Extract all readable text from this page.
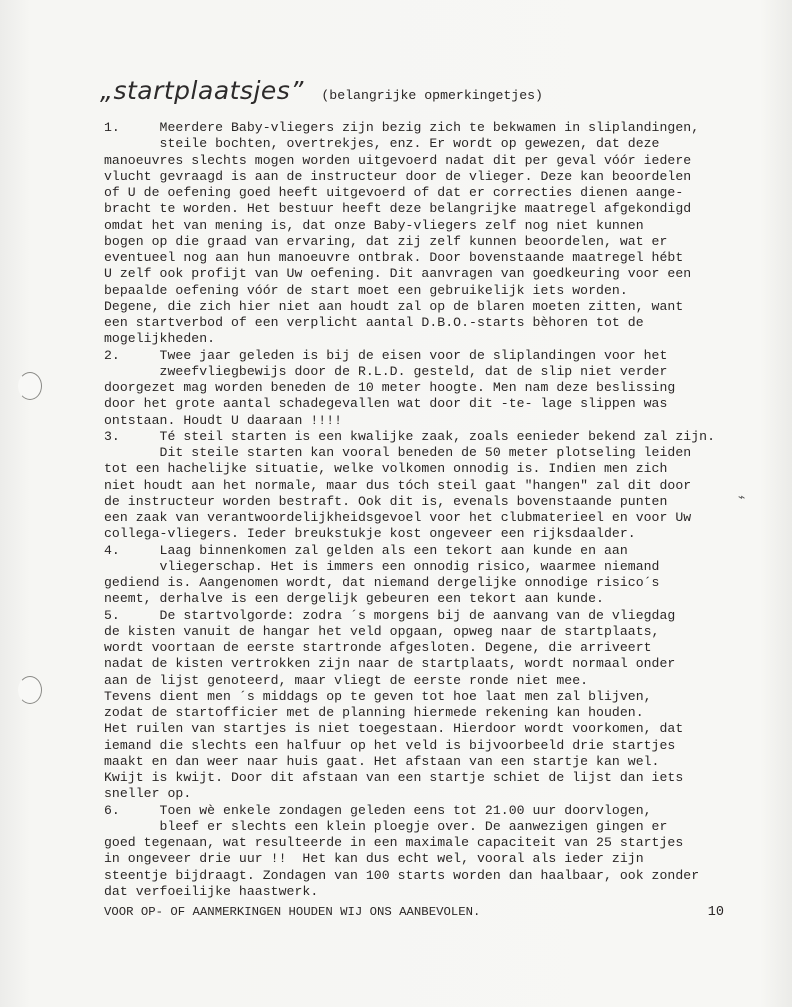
„startplaatsjes” (belangrijke opmerkingetjes)
1.     Meerdere Baby-vliegers zijn bezig zich te bekwamen in sliplandingen,
steile bochten, overtrekjes, enz. Er wordt op gewezen, dat deze
manoeuvres slechts mogen worden uitgevoerd nadat dit per geval vóór iedere
vlucht gevraagd is aan de instructeur door de vlieger. Deze kan beoordelen
of U de oefening goed heeft uitgevoerd of dat er correcties dienen aange-
bracht te worden. Het bestuur heeft deze belangrijke maatregel afgekondigd
omdat het van mening is, dat onze Baby-vliegers zelf nog niet kunnen
bogen op die graad van ervaring, dat zij zelf kunnen beoordelen, wat er
eventueel nog aan hun manoeuvre ontbrak. Door bovenstaande maatregel hébt
U zelf ook profijt van Uw oefening. Dit aanvragen van goedkeuring voor een
bepaalde oefening vóór de start moet een gebruikelijk iets worden.
Degene, die zich hier niet aan houdt zal op de blaren moeten zitten, want
een startverbod of een verplicht aantal D.B.O.-starts bèhoren tot de
mogelijkheden.
2.     Twee jaar geleden is bij de eisen voor de sliplandingen voor het
zweefvliegbewijs door de R.L.D. gesteld, dat de slip niet verder
doorgezet mag worden beneden de 10 meter hoogte. Men nam deze beslissing
door het grote aantal schadegevallen wat door dit -te- lage slippen was
ontstaan. Houdt U daaraan !!!!
3.     Té steil starten is een kwalijke zaak, zoals eenieder bekend zal zijn.
Dit steile starten kan vooral beneden de 50 meter plotseling leiden
tot een hachelijke situatie, welke volkomen onnodig is. Indien men zich
niet houdt aan het normale, maar dus tóch steil gaat "hangen" zal dit door
de instructeur worden bestraft. Ook dit is, evenals bovenstaande punten
een zaak van verantwoordelijkheidsgevoel voor het clubmaterieel en voor Uw
collega-vliegers. Ieder breukstukje kost ongeveer een rijksdaalder.
4.     Laag binnenkomen zal gelden als een tekort aan kunde en aan
vliegerschap. Het is immers een onnodig risico, waarmee niemand
gediend is. Aangenomen wordt, dat niemand dergelijke onnodige risico´s
neemt, derhalve is een dergelijk gebeuren een tekort aan kunde.
5.     De startvolgorde: zodra ´s morgens bij de aanvang van de vliegdag
de kisten vanuit de hangar het veld opgaan, opweg naar de startplaats,
wordt voortaan de eerste startronde afgesloten. Degene, die arriveert
nadat de kisten vertrokken zijn naar de startplaats, wordt normaal onder
aan de lijst genoteerd, maar vliegt de eerste ronde niet mee.
Tevens dient men ´s middags op te geven tot hoe laat men zal blijven,
zodat de startofficier met de planning hiermede rekening kan houden.
Het ruilen van startjes is niet toegestaan. Hierdoor wordt voorkomen, dat
iemand die slechts een halfuur op het veld is bijvoorbeeld drie startjes
maakt en dan weer naar huis gaat. Het afstaan van een startje kan wel.
Kwijt is kwijt. Door dit afstaan van een startje schiet de lijst dan iets
sneller op.
6.     Toen wè enkele zondagen geleden eens tot 21.00 uur doorvlogen,
bleef er slechts een klein ploegje over. De aanwezigen gingen er
goed tegenaan, wat resulteerde in een maximale capaciteit van 25 startjes
in ongeveer drie uur !!  Het kan dus echt wel, vooral als ieder zijn
steentje bijdraagt. Zondagen van 100 starts worden dan haalbaar, ook zonder
dat verfoeilijke haastwerk.
⌁
VOOR OP- OF AANMERKINGEN HOUDEN WIJ ONS AANBEVOLEN.	10
